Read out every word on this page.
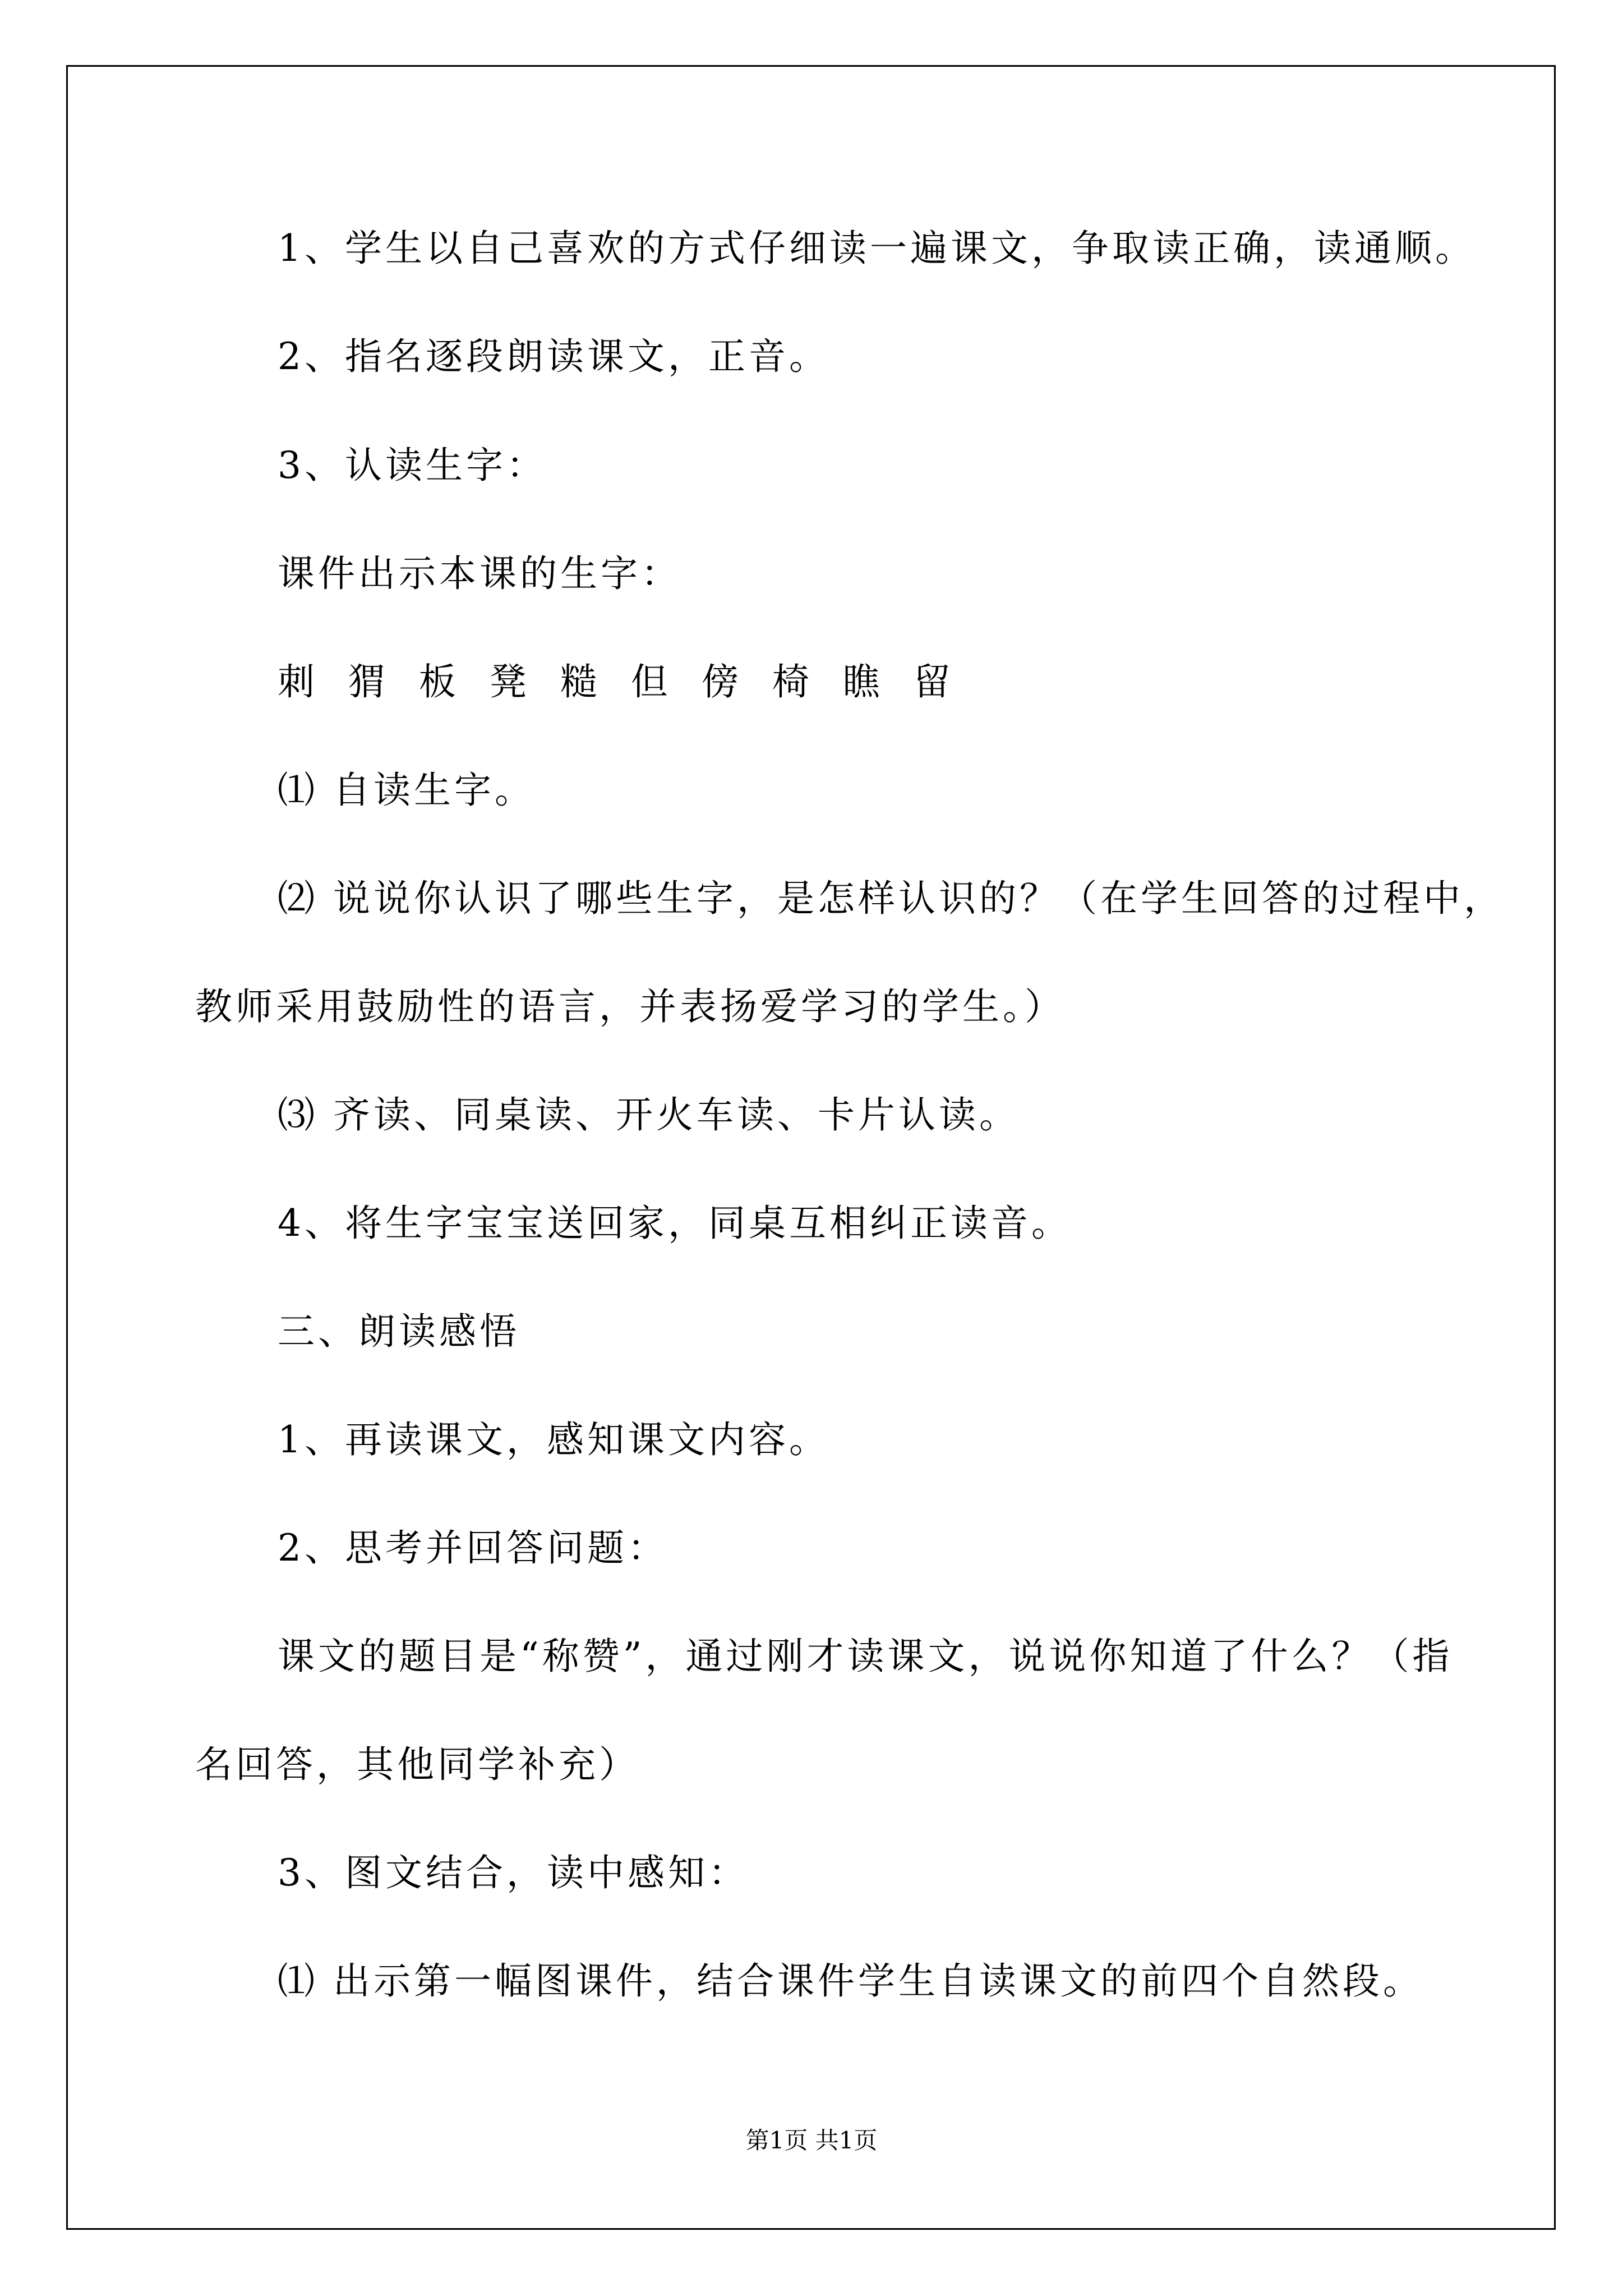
1、学生以自己喜欢的方式仔细读一遍课文，争取读正确，读通顺。
2、指名逐段朗读课文，正音。
3、认读生字：
课件出示本课的生字：
刺  猬  板  凳  糙  但  傍  椅  瞧  留
⑴ 自读生字。
⑵ 说说你认识了哪些生字，是怎样认识的？（在学生回答的过程中，
教师采用鼓励性的语言，并表扬爱学习的学生。）
⑶ 齐读、同桌读、开火车读、卡片认读。
4、将生字宝宝送回家，同桌互相纠正读音。
三、朗读感悟
1、再读课文，感知课文内容。
2、思考并回答问题：
课文的题目是“称赞”，通过刚才读课文，说说你知道了什么？（指
名回答，其他同学补充）
3、图文结合，读中感知：
⑴ 出示第一幅图课件，结合课件学生自读课文的前四个自然段。
第1页 共1页
